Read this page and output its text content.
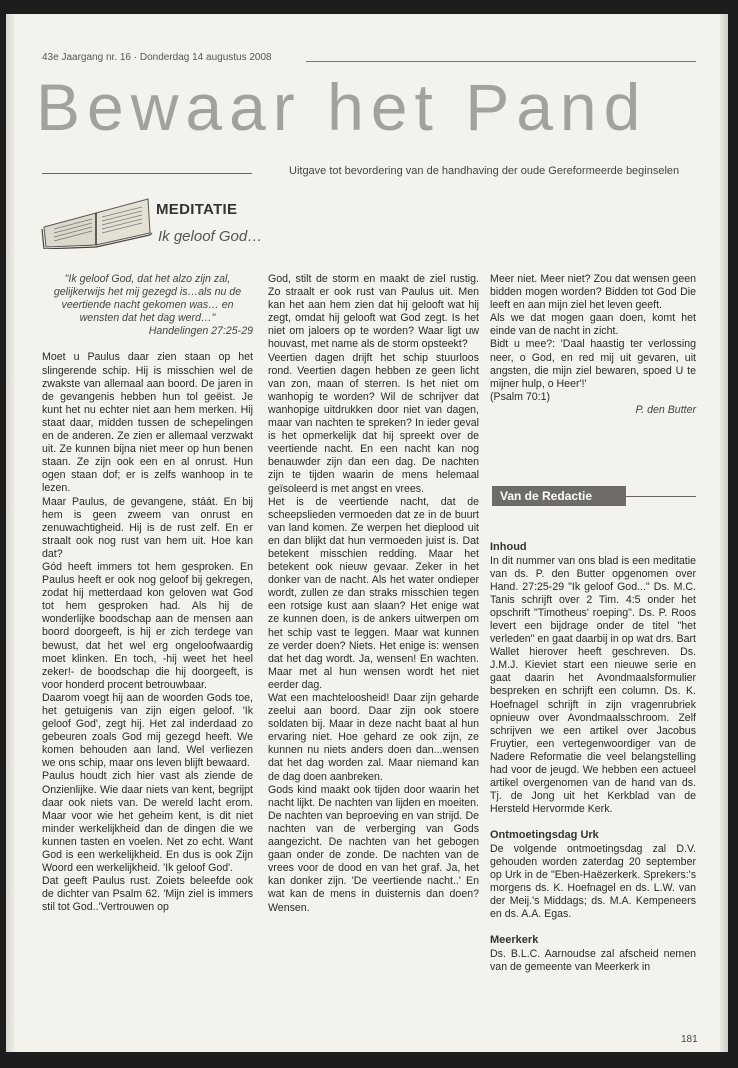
43e Jaargang nr. 16 · Donderdag 14 augustus 2008
Bewaar het Pand
Uitgave tot bevordering van de handhaving der oude Gereformeerde beginselen
MEDITATIE
Ik geloof God…

"Ik geloof God, dat het alzo zijn zal, gelijkerwijs het mij gezegd is…als nu de veertiende nacht gekomen was… en wensten dat het dag werd…"

Handelingen 27:25-29

Moet u Paulus daar zien staan op het slingerende schip. Hij is misschien wel de zwakste van allemaal aan boord. De jaren in de gevangenis hebben hun tol geëist. Je kunt het nu echter niet aan hem merken. Hij staat daar, midden tussen de schepelingen en de anderen. Ze zien er allemaal verzwakt uit. Ze kunnen bijna niet meer op hun benen staan. Ze zijn ook een en al onrust. Hun ogen staan dof; er is zelfs wanhoop in te lezen.

Maar Paulus, de gevangene, stáát. En bij hem is geen zweem van onrust en zenuwachtigheid. Hij is de rust zelf. En er straalt ook nog rust van hem uit. Hoe kan dat?

Gód heeft immers tot hem gesproken. En Paulus heeft er ook nog geloof bij gekregen, zodat hij metterdaad kon geloven wat God tot hem gesproken had. Als hij de wonderlijke boodschap aan de mensen aan boord doorgeeft, is hij er zich terdege van bewust, dat het wel erg ongeloofwaardig moet klinken. En toch, -hij weet het heel zeker!- de boodschap die hij doorgeeft, is voor honderd procent betrouwbaar.

Daarom voegt hij aan de woorden Gods toe, het getuigenis van zijn eigen geloof. 'Ik geloof God', zegt hij. Het zal inderdaad zo gebeuren zoals God mij gezegd heeft. We komen behouden aan land. Wel verliezen we ons schip, maar ons leven blijft bewaard.

Paulus houdt zich hier vast als ziende de Onzienlijke. Wie daar niets van kent, begrijpt daar ook niets van. De wereld lacht erom. Maar voor wie het geheim kent, is dit niet minder werkelijkheid dan de dingen die we kunnen tasten en voelen. Net zo echt. Want God is een werkelijkheid. En dus is ook Zijn Woord een werkelijkheid. 'Ik geloof God'.

Dat geeft Paulus rust. Zoiets beleefde ook de dichter van Psalm 62. 'Mijn ziel is immers stil tot God..'Vertrouwen op

God, stilt de storm en maakt de ziel rustig. Zo straalt er ook rust van Paulus uit. Men kan het aan hem zien dat hij gelooft wat hij zegt, omdat hij gelooft wat God zegt. Is het niet om jaloers op te worden? Waar ligt uw houvast, met name als de storm opsteekt?

Veertien dagen drijft het schip stuurloos rond. Veertien dagen hebben ze geen licht van zon, maan of sterren. Is het niet om wanhopig te worden? Wil de schrijver dat wanhopige uitdrukken door niet van dagen, maar van nachten te spreken? In ieder geval is het opmerkelijk dat hij spreekt over de veertiende nacht. En een nacht kan nog benauwder zijn dan een dag. De nachten zijn te tijden waarin de mens helemaal geïsoleerd is met angst en vrees.

Het is de veertiende nacht, dat de scheepslieden vermoeden dat ze in de buurt van land komen. Ze werpen het dieplood uit en dan blijkt dat hun vermoeden juist is. Dat betekent misschien redding. Maar het betekent ook nieuw gevaar. Zeker in het donker van de nacht. Als het water ondieper wordt, zullen ze dan straks misschien tegen een rotsige kust aan slaan? Het enige wat ze kunnen doen, is de ankers uitwerpen om het schip vast te leggen. Maar wat kunnen ze verder doen? Niets. Het enige is: wensen dat het dag wordt. Ja, wensen! En wachten. Maar met al hun wensen wordt het niet eerder dag.

Wat een machteloosheid! Daar zijn geharde zeelui aan boord. Daar zijn ook stoere soldaten bij. Maar in deze nacht baat al hun ervaring niet. Hoe gehard ze ook zijn, ze kunnen nu niets anders doen dan...wensen dat het dag worden zal. Maar niemand kan de dag doen aanbreken.

Gods kind maakt ook tijden door waarin het nacht lijkt. De nachten van lijden en moeiten. De nachten van beproeving en van strijd. De nachten van de verberging van Gods aangezicht. De nachten van het gebogen gaan onder de zonde. De nachten van de vrees voor de dood en van het graf. Ja, het kan donker zijn. 'De veertiende nacht..' En wat kan de mens in duisternis dan doen? Wensen.

Meer niet. Meer niet? Zou dat wensen geen bidden mogen worden? Bidden tot God Die leeft en aan mijn ziel het leven geeft.

Als we dat mogen gaan doen, komt het einde van de nacht in zicht.

Bidt u mee?: 'Daal haastig ter verlossing neer, o God, en red mij uit gevaren, uit angsten, die mijn ziel bewaren, spoed U te mijner hulp, o Heer'!'

(Psalm 70:1)

P. den Butter

Van de Redactie
Inhoud

In dit nummer van ons blad is een meditatie van ds. P. den Butter opgenomen over Hand. 27:25-29 "Ik geloof God..." Ds. M.C. Tanis schrijft over 2 Tim. 4:5 onder het opschrift "Timotheus' roeping". Ds. P. Roos levert een bijdrage onder de titel "het verleden" en gaat daarbij in op wat drs. Bart Wallet hierover heeft geschreven. Ds. J.M.J. Kieviet start een nieuwe serie en gaat daarin het Avondmaalsformulier bespreken en schrijft een column. Ds. K. Hoefnagel schrijft in zijn vragenrubriek opnieuw over Avondmaalsschroom. Zelf schrijven we een artikel over Jacobus Fruytier, een vertegenwoordiger van de Nadere Reformatie die veel belangstelling had voor de jeugd. We hebben een actueel artikel overgenomen van de hand van ds. Tj. de Jong uit het Kerkblad van de Hersteld Hervormde Kerk.

Ontmoetingsdag Urk

De volgende ontmoetingsdag zal D.V. gehouden worden zaterdag 20 september op Urk in de "Eben-Haëzerkerk. Sprekers:'s morgens ds. K. Hoefnagel en ds. L.W. van der Meij.'s Middags; ds. M.A. Kempeneers en ds. A.A. Egas.

Meerkerk

Ds. B.L.C. Aarnoudse zal afscheid nemen van de gemeente van Meerkerk in

181
